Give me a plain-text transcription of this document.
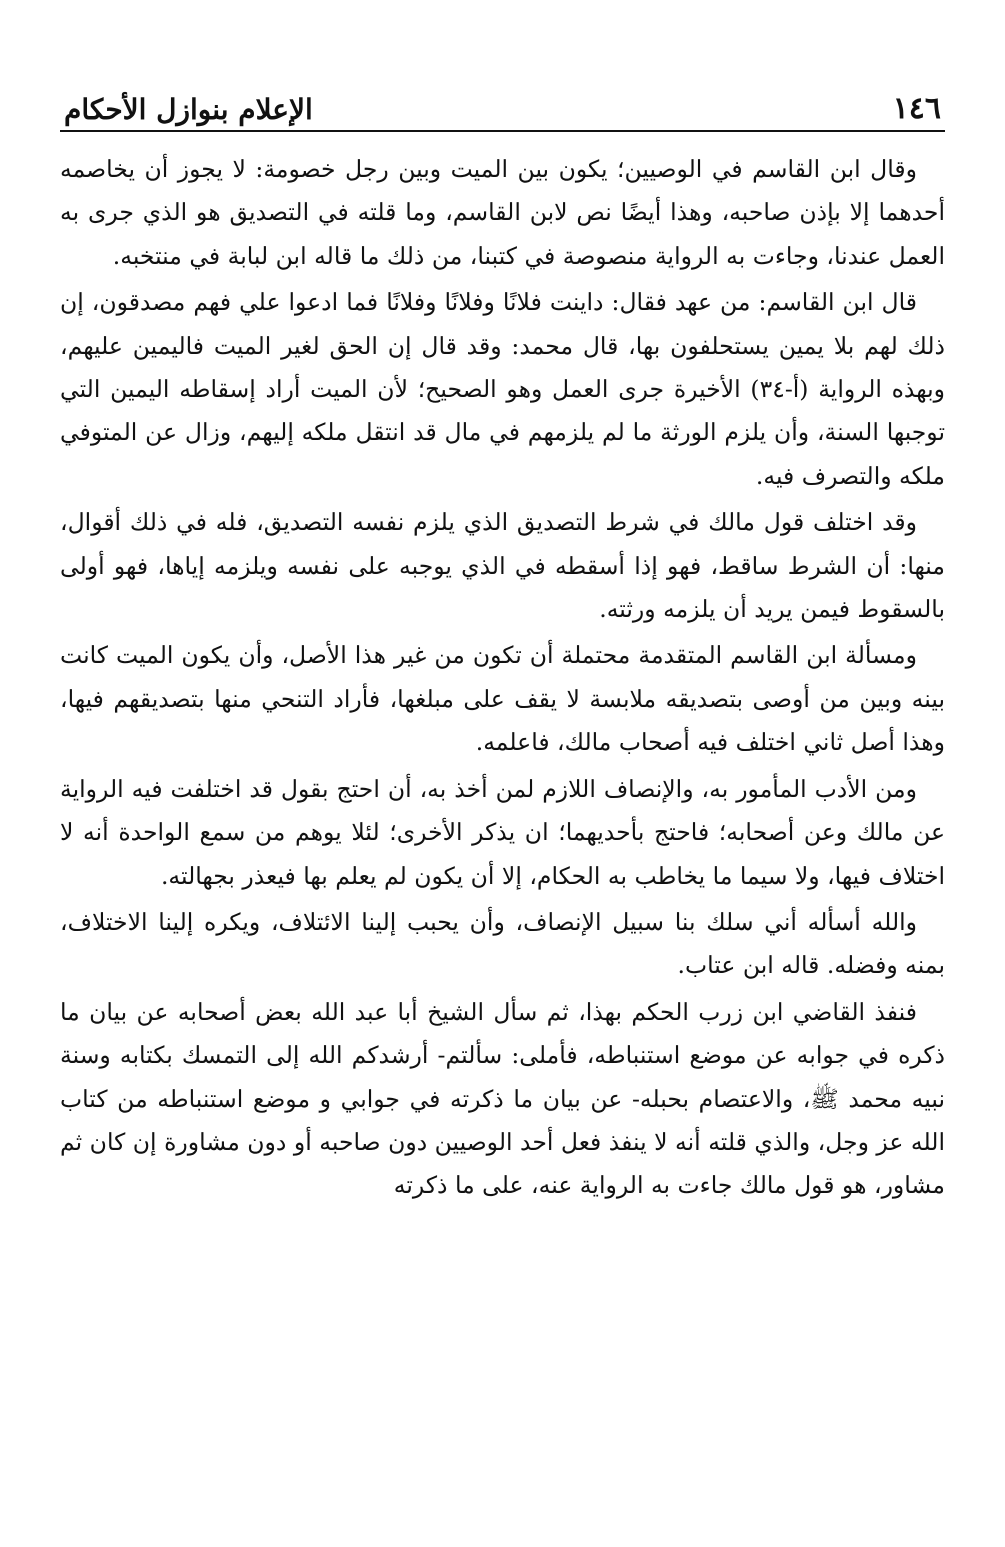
١٤٦
الإعلام بنوازل الأحكام

وقال ابن القاسم في الوصيين؛ يكون بين الميت وبين رجل خصومة: لا يجوز أن يخاصمه أحدهما إلا بإذن صاحبه، وهذا أيضًا نص لابن القاسم، وما قلته في التصديق هو الذي جرى به العمل عندنا، وجاءت به الرواية منصوصة في كتبنا، من ذلك ما قاله ابن لبابة في منتخبه.

قال ابن القاسم: من عهد فقال: داينت فلانًا وفلانًا وفلانًا فما ادعوا علي فهم مصدقون، إن ذلك لهم بلا يمين يستحلفون بها، قال محمد: وقد قال إن الحق لغير الميت فاليمين عليهم، وبهذه الرواية (أ-٣٤) الأخيرة جرى العمل وهو الصحيح؛ لأن الميت أراد إسقاطه اليمين التي توجبها السنة، وأن يلزم الورثة ما لم يلزمهم في مال قد انتقل ملكه إليهم، وزال عن المتوفي ملكه والتصرف فيه.

وقد اختلف قول مالك في شرط التصديق الذي يلزم نفسه التصديق، فله في ذلك أقوال، منها: أن الشرط ساقط، فهو إذا أسقطه في الذي يوجبه على نفسه ويلزمه إياها، فهو أولى بالسقوط فيمن يريد أن يلزمه ورثته.

ومسألة ابن القاسم المتقدمة محتملة أن تكون من غير هذا الأصل، وأن يكون الميت كانت بينه وبين من أوصى بتصديقه ملابسة لا يقف على مبلغها، فأراد التنحي منها بتصديقهم فيها، وهذا أصل ثاني اختلف فيه أصحاب مالك، فاعلمه.

ومن الأدب المأمور به، والإنصاف اللازم لمن أخذ به، أن احتج بقول قد اختلفت فيه الرواية عن مالك وعن أصحابه؛ فاحتج بأحديهما؛ ان يذكر الأخرى؛ لئلا يوهم من سمع الواحدة أنه لا اختلاف فيها، ولا سيما ما يخاطب به الحكام، إلا أن يكون لم يعلم بها فيعذر بجهالته.

والله أسأله أني سلك بنا سبيل الإنصاف، وأن يحبب إلينا الائتلاف، ويكره إلينا الاختلاف، بمنه وفضله. قاله ابن عتاب.

فنفذ القاضي ابن زرب الحكم بهذا، ثم سأل الشيخ أبا عبد الله بعض أصحابه عن بيان ما ذكره في جوابه عن موضع استنباطه، فأملى: سألتم- أرشدكم الله إلى التمسك بكتابه وسنة نبيه محمد ﷺ، والاعتصام بحبله- عن بيان ما ذكرته في جوابي و موضع استنباطه من كتاب الله عز وجل، والذي قلته أنه لا ينفذ فعل أحد الوصيين دون صاحبه أو دون مشاورة إن كان ثم مشاور، هو قول مالك جاءت به الرواية عنه، على ما ذكرته
